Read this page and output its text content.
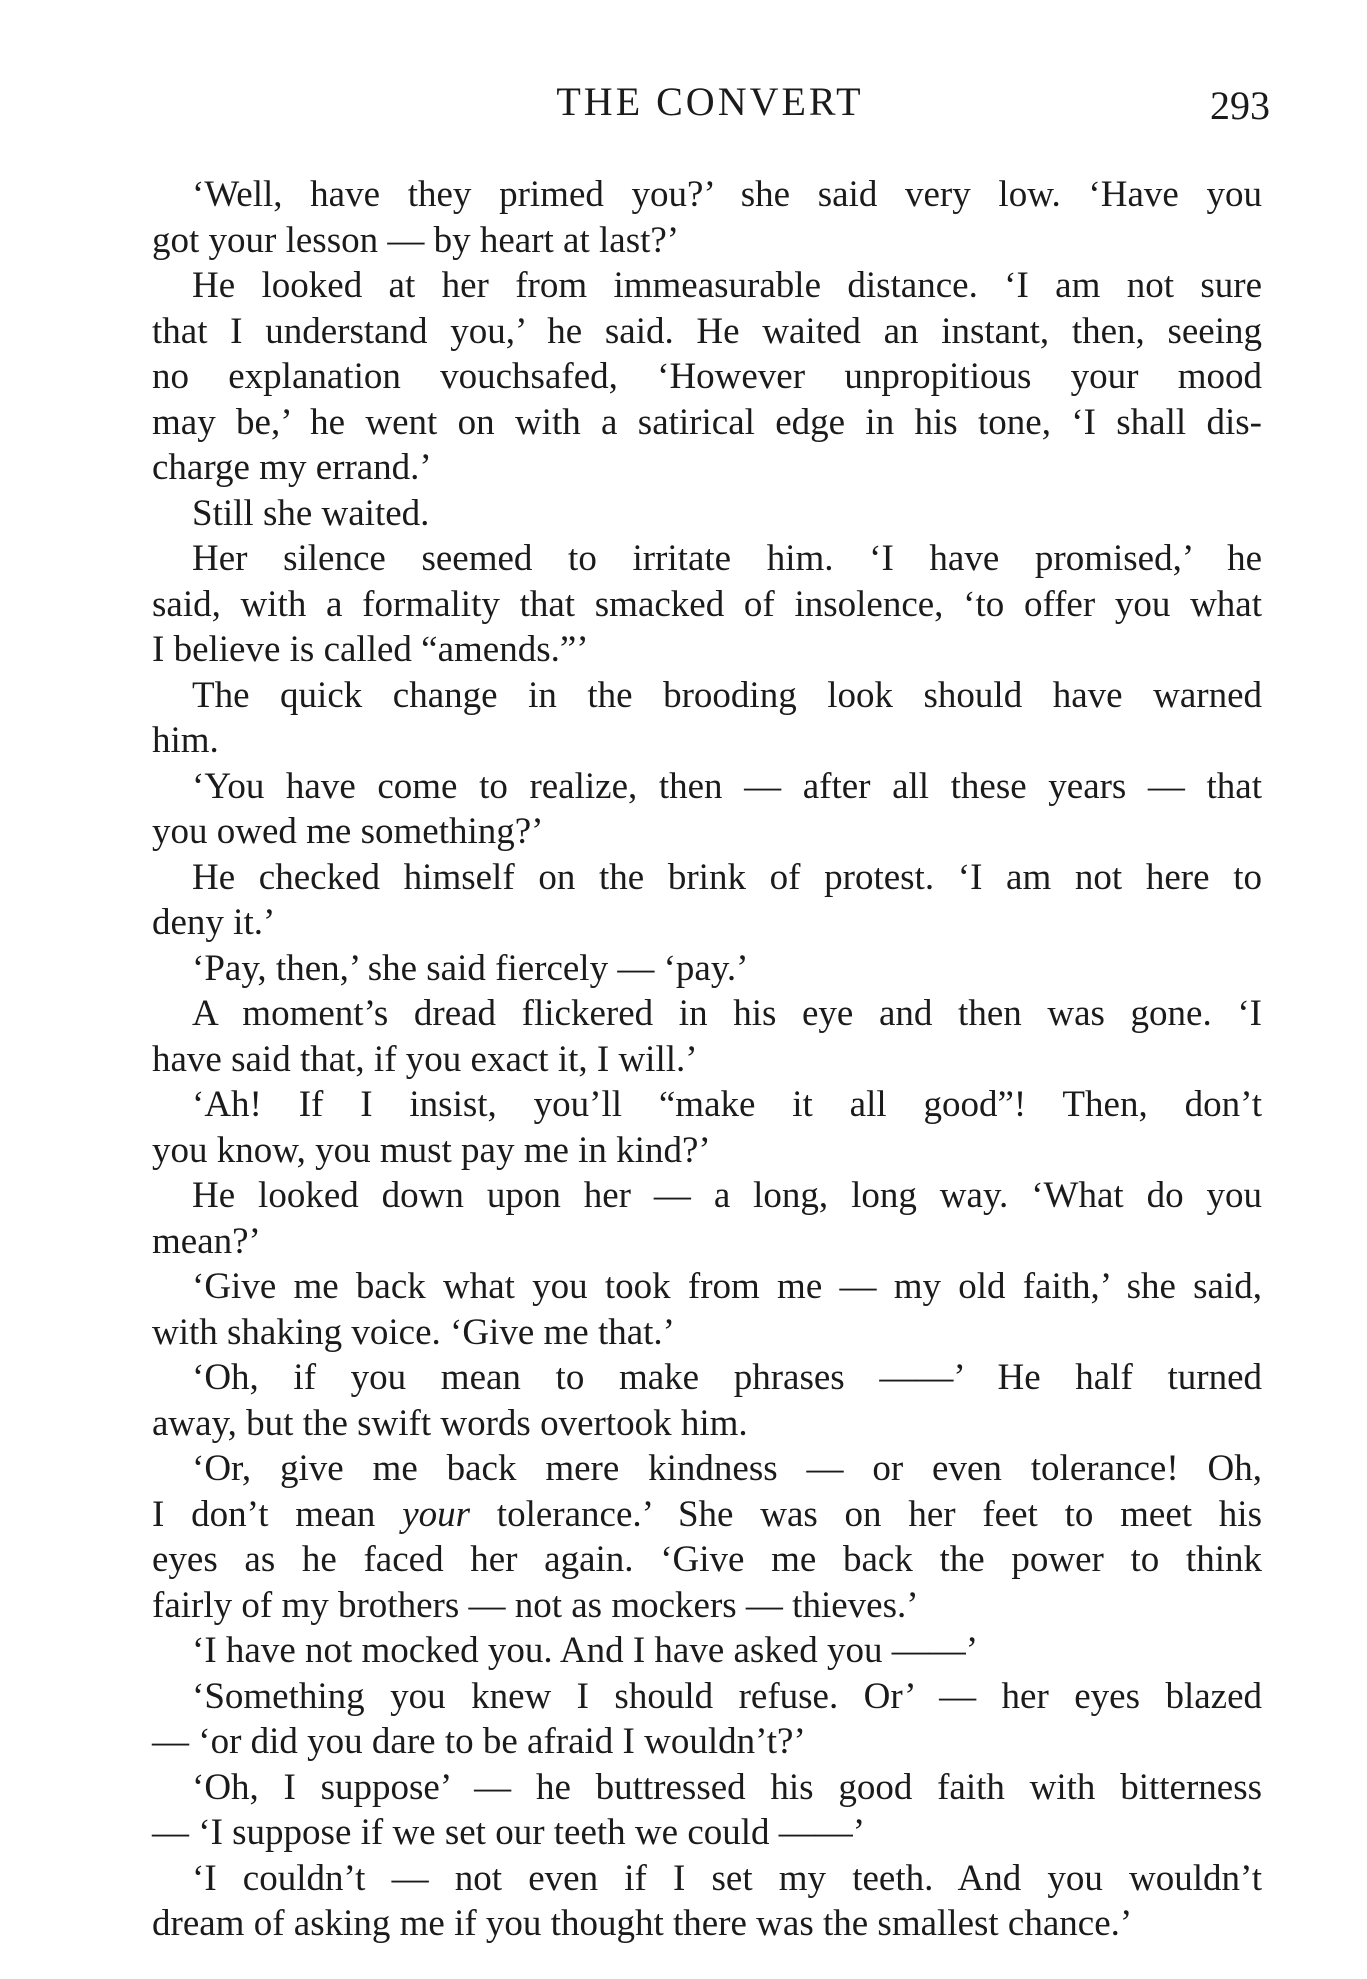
THE CONVERT	293
‘Well, have they primed you?’ she said very low. ‘Have you
got your lesson — by heart at last?’
He looked at her from immeasurable distance. ‘I am not sure
that I understand you,’ he said. He waited an instant, then, seeing
no explanation vouchsafed, ‘However unpropitious your mood
may be,’ he went on with a satirical edge in his tone, ‘I shall dis-
charge my errand.’
Still she waited.
Her silence seemed to irritate him. ‘I have promised,’ he
said, with a formality that smacked of insolence, ‘to offer you what
I believe is called “amends.”’
The quick change in the brooding look should have warned
him.
‘You have come to realize, then — after all these years — that
you owed me something?’
He checked himself on the brink of protest. ‘I am not here to
deny it.’
‘Pay, then,’ she said fiercely — ‘pay.’
A moment’s dread flickered in his eye and then was gone. ‘I
have said that, if you exact it, I will.’
‘Ah! If I insist, you’ll “make it all good”! Then, don’t
you know, you must pay me in kind?’
He looked down upon her — a long, long way. ‘What do you
mean?’
‘Give me back what you took from me — my old faith,’ she said,
with shaking voice. ‘Give me that.’
‘Oh, if you mean to make phrases ——’ He half turned
away, but the swift words overtook him.
‘Or, give me back mere kindness — or even tolerance! Oh,
I don’t mean your tolerance.’ She was on her feet to meet his
eyes as he faced her again. ‘Give me back the power to think
fairly of my brothers — not as mockers — thieves.’
‘I have not mocked you. And I have asked you ——’
‘Something you knew I should refuse. Or’ — her eyes blazed
— ‘or did you dare to be afraid I wouldn’t?’
‘Oh, I suppose’ — he buttressed his good faith with bitterness
— ‘I suppose if we set our teeth we could ——’
‘I couldn’t — not even if I set my teeth. And you wouldn’t
dream of asking me if you thought there was the smallest chance.’
